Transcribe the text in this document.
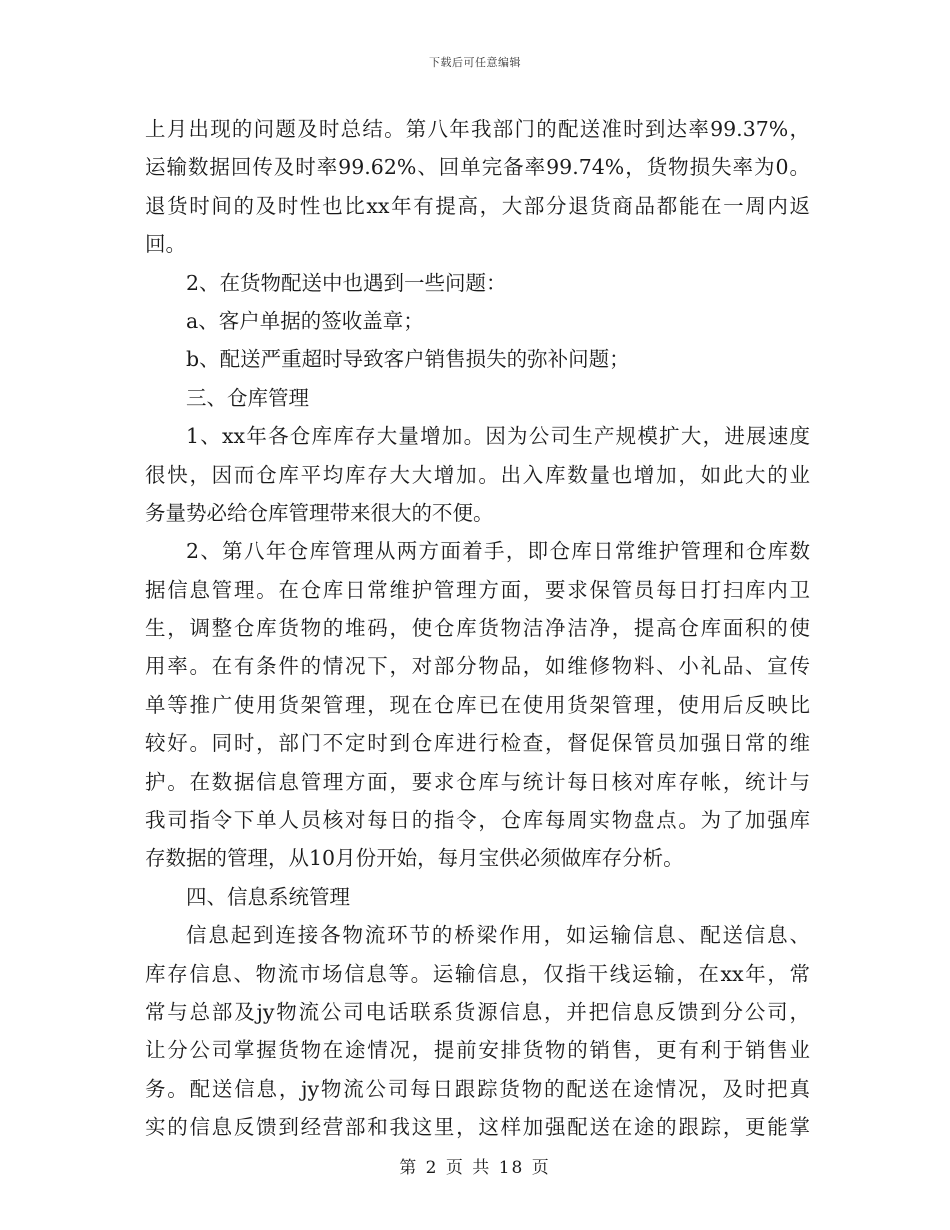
下载后可任意编辑
上月出现的问题及时总结。第八年我部门的配送准时到达率99.37%，
运输数据回传及时率99.62%、回单完备率99.74%，货物损失率为0。
退货时间的及时性也比xx年有提高，大部分退货商品都能在一周内返
回。
2、在货物配送中也遇到一些问题：
a、客户单据的签收盖章；
b、配送严重超时导致客户销售损失的弥补问题；
三、仓库管理
1、xx年各仓库库存大量增加。因为公司生产规模扩大，进展速度
很快，因而仓库平均库存大大增加。出入库数量也增加，如此大的业
务量势必给仓库管理带来很大的不便。
2、第八年仓库管理从两方面着手，即仓库日常维护管理和仓库数
据信息管理。在仓库日常维护管理方面，要求保管员每日打扫库内卫
生，调整仓库货物的堆码，使仓库货物洁净洁净，提高仓库面积的使
用率。在有条件的情况下，对部分物品，如维修物料、小礼品、宣传
单等推广使用货架管理，现在仓库已在使用货架管理，使用后反映比
较好。同时，部门不定时到仓库进行检查，督促保管员加强日常的维
护。在数据信息管理方面，要求仓库与统计每日核对库存帐，统计与
我司指令下单人员核对每日的指令，仓库每周实物盘点。为了加强库
存数据的管理，从10月份开始，每月宝供必须做库存分析。
四、信息系统管理
信息起到连接各物流环节的桥梁作用，如运输信息、配送信息、
库存信息、物流市场信息等。运输信息，仅指干线运输，在xx年，常
常与总部及jy物流公司电话联系货源信息，并把信息反馈到分公司，
让分公司掌握货物在途情况，提前安排货物的销售，更有利于销售业
务。配送信息，jy物流公司每日跟踪货物的配送在途情况，及时把真
实的信息反馈到经营部和我这里，这样加强配送在途的跟踪，更能掌
第 2 页 共 18 页
